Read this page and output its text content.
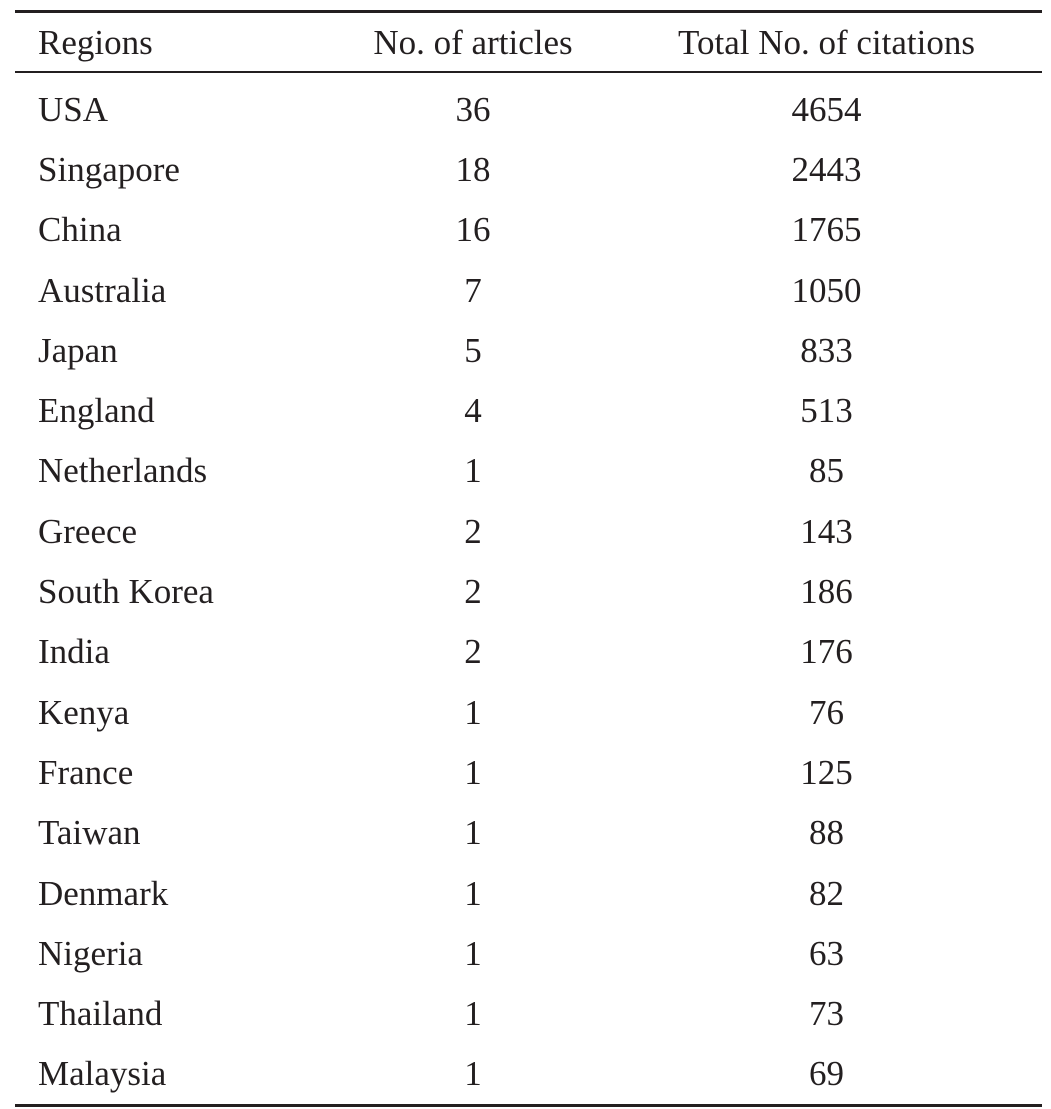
Regions	No. of articles	Total No. of citations
USA	36	4654
Singapore	18	2443
China	16	1765
Australia	7	1050
Japan	5	833
England	4	513
Netherlands	1	85
Greece	2	143
South Korea	2	186
India	2	176
Kenya	1	76
France	1	125
Taiwan	1	88
Denmark	1	82
Nigeria	1	63
Thailand	1	73
Malaysia	1	69
